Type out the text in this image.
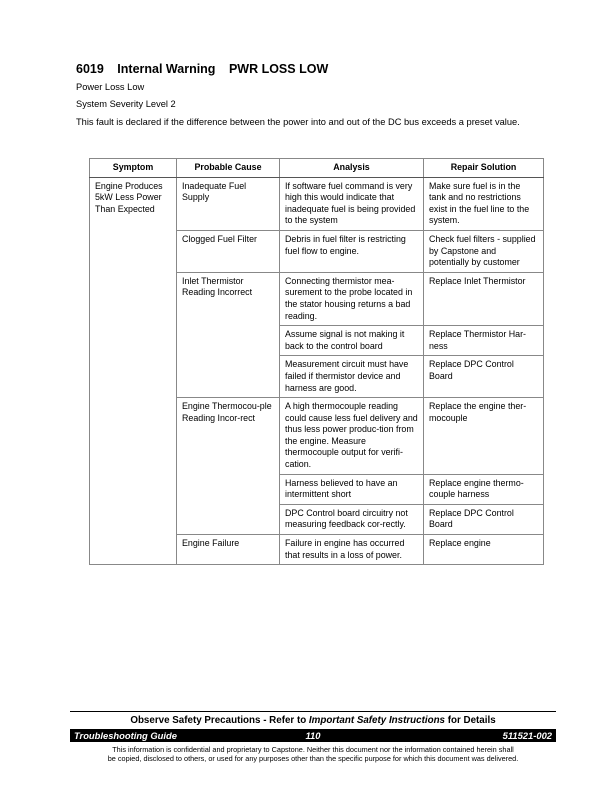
6019 Internal Warning PWR LOSS LOW
Power Loss Low
System Severity Level 2
This fault is declared if the difference between the power into and out of the DC bus exceeds a preset value.
Symptom	Probable Cause	Analysis	Repair Solution
Engine Produces 5kW Less Power Than Expected	Inadequate Fuel Supply	If software fuel command is very high this would indicate that inadequate fuel is being provided to the system	Make sure fuel is in the tank and no restrictions exist in the fuel line to the system.
	Clogged Fuel Filter	Debris in fuel filter is restricting fuel flow to engine.	Check fuel filters - supplied by Capstone and potentially by customer
	Inlet Thermistor Reading Incorrect	Connecting thermistor mea-surement to the probe located in the stator housing returns a bad reading.	Replace Inlet Thermistor
		Assume signal is not making it back to the control board	Replace Thermistor Har-ness
		Measurement circuit must have failed if thermistor device and harness are good.	Replace DPC Control Board
	Engine Thermocou-ple Reading Incor-rect	A high thermocouple reading could cause less fuel delivery and thus less power produc-tion from the engine. Measure thermocouple output for verifi-cation.	Replace the engine ther-mocouple
		Harness believed to have an intermittent short	Replace engine thermo-couple harness
		DPC Control board circuitry not measuring feedback cor-rectly.	Replace DPC Control Board
	Engine Failure	Failure in engine has occurred that results in a loss of power.	Replace engine
Observe Safety Precautions - Refer to Important Safety Instructions for Details
110
Troubleshooting Guide	511521-002
This information is confidential and proprietary to Capstone. Neither this document nor the information contained herein shall
be copied, disclosed to others, or used for any purposes other than the specific purpose for which this document was delivered.
